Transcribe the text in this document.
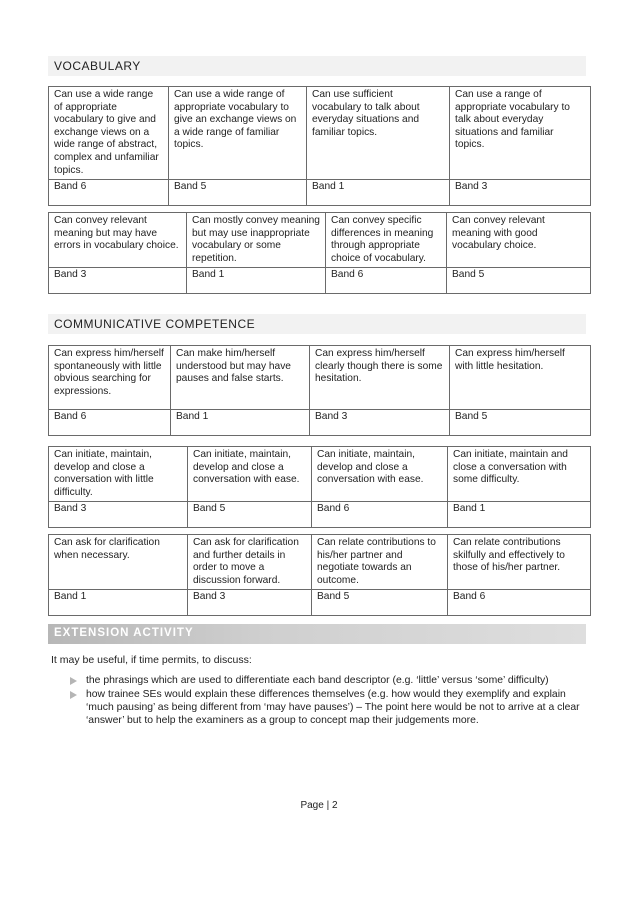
VOCABULARY
Can use a wide range of appropriate vocabulary to give and exchange views on a wide range of abstract, complex and unfamiliar topics.	Can use a wide range of appropriate vocabulary to give an exchange views on a wide range of familiar topics.	Can use sufficient vocabulary to talk about everyday situations and familiar topics.	Can use a range of appropriate vocabulary to talk about everyday situations and familiar topics.
Band 6	Band 5	Band 1	Band 3

Can convey relevant meaning but may have errors in vocabulary choice.	Can mostly convey meaning but may use inappropriate vocabulary or some repetition.	Can convey specific differences in meaning through appropriate choice of vocabulary.	Can convey relevant meaning with good vocabulary choice.
Band 3	Band 1	Band 6	Band 5

COMMUNICATIVE COMPETENCE
Can express him/herself spontaneously with little obvious searching for expressions.	Can make him/herself understood but may have pauses and false starts.	Can express him/herself clearly though there is some hesitation.	Can express him/herself with little hesitation.
Band 6	Band 1	Band 3	Band 5

Can initiate, maintain, develop and close a conversation with little difficulty.	Can initiate, maintain, develop and close a conversation with ease.	Can initiate, maintain, develop and close a conversation with ease.	Can initiate, maintain and close a conversation with some difficulty.
Band 3	Band 5	Band 6	Band 1

Can ask for clarification when necessary.	Can ask for clarification and further details in order to move a discussion forward.	Can relate contributions to his/her partner and negotiate towards an outcome.	Can relate contributions skilfully and effectively to those of his/her partner.
Band 1	Band 3	Band 5	Band 6

EXTENSION ACTIVITY
It may be useful, if time permits, to discuss:
the phrasings which are used to differentiate each band descriptor (e.g. ‘little’ versus ‘some’ difficulty)
how trainee SEs would explain these differences themselves (e.g. how would they exemplify and explain ‘much pausing’ as being different from ‘may have pauses’) – The point here would be not to arrive at a clear ‘answer’ but to help the examiners as a group to concept map their judgements more.
Page | 2
